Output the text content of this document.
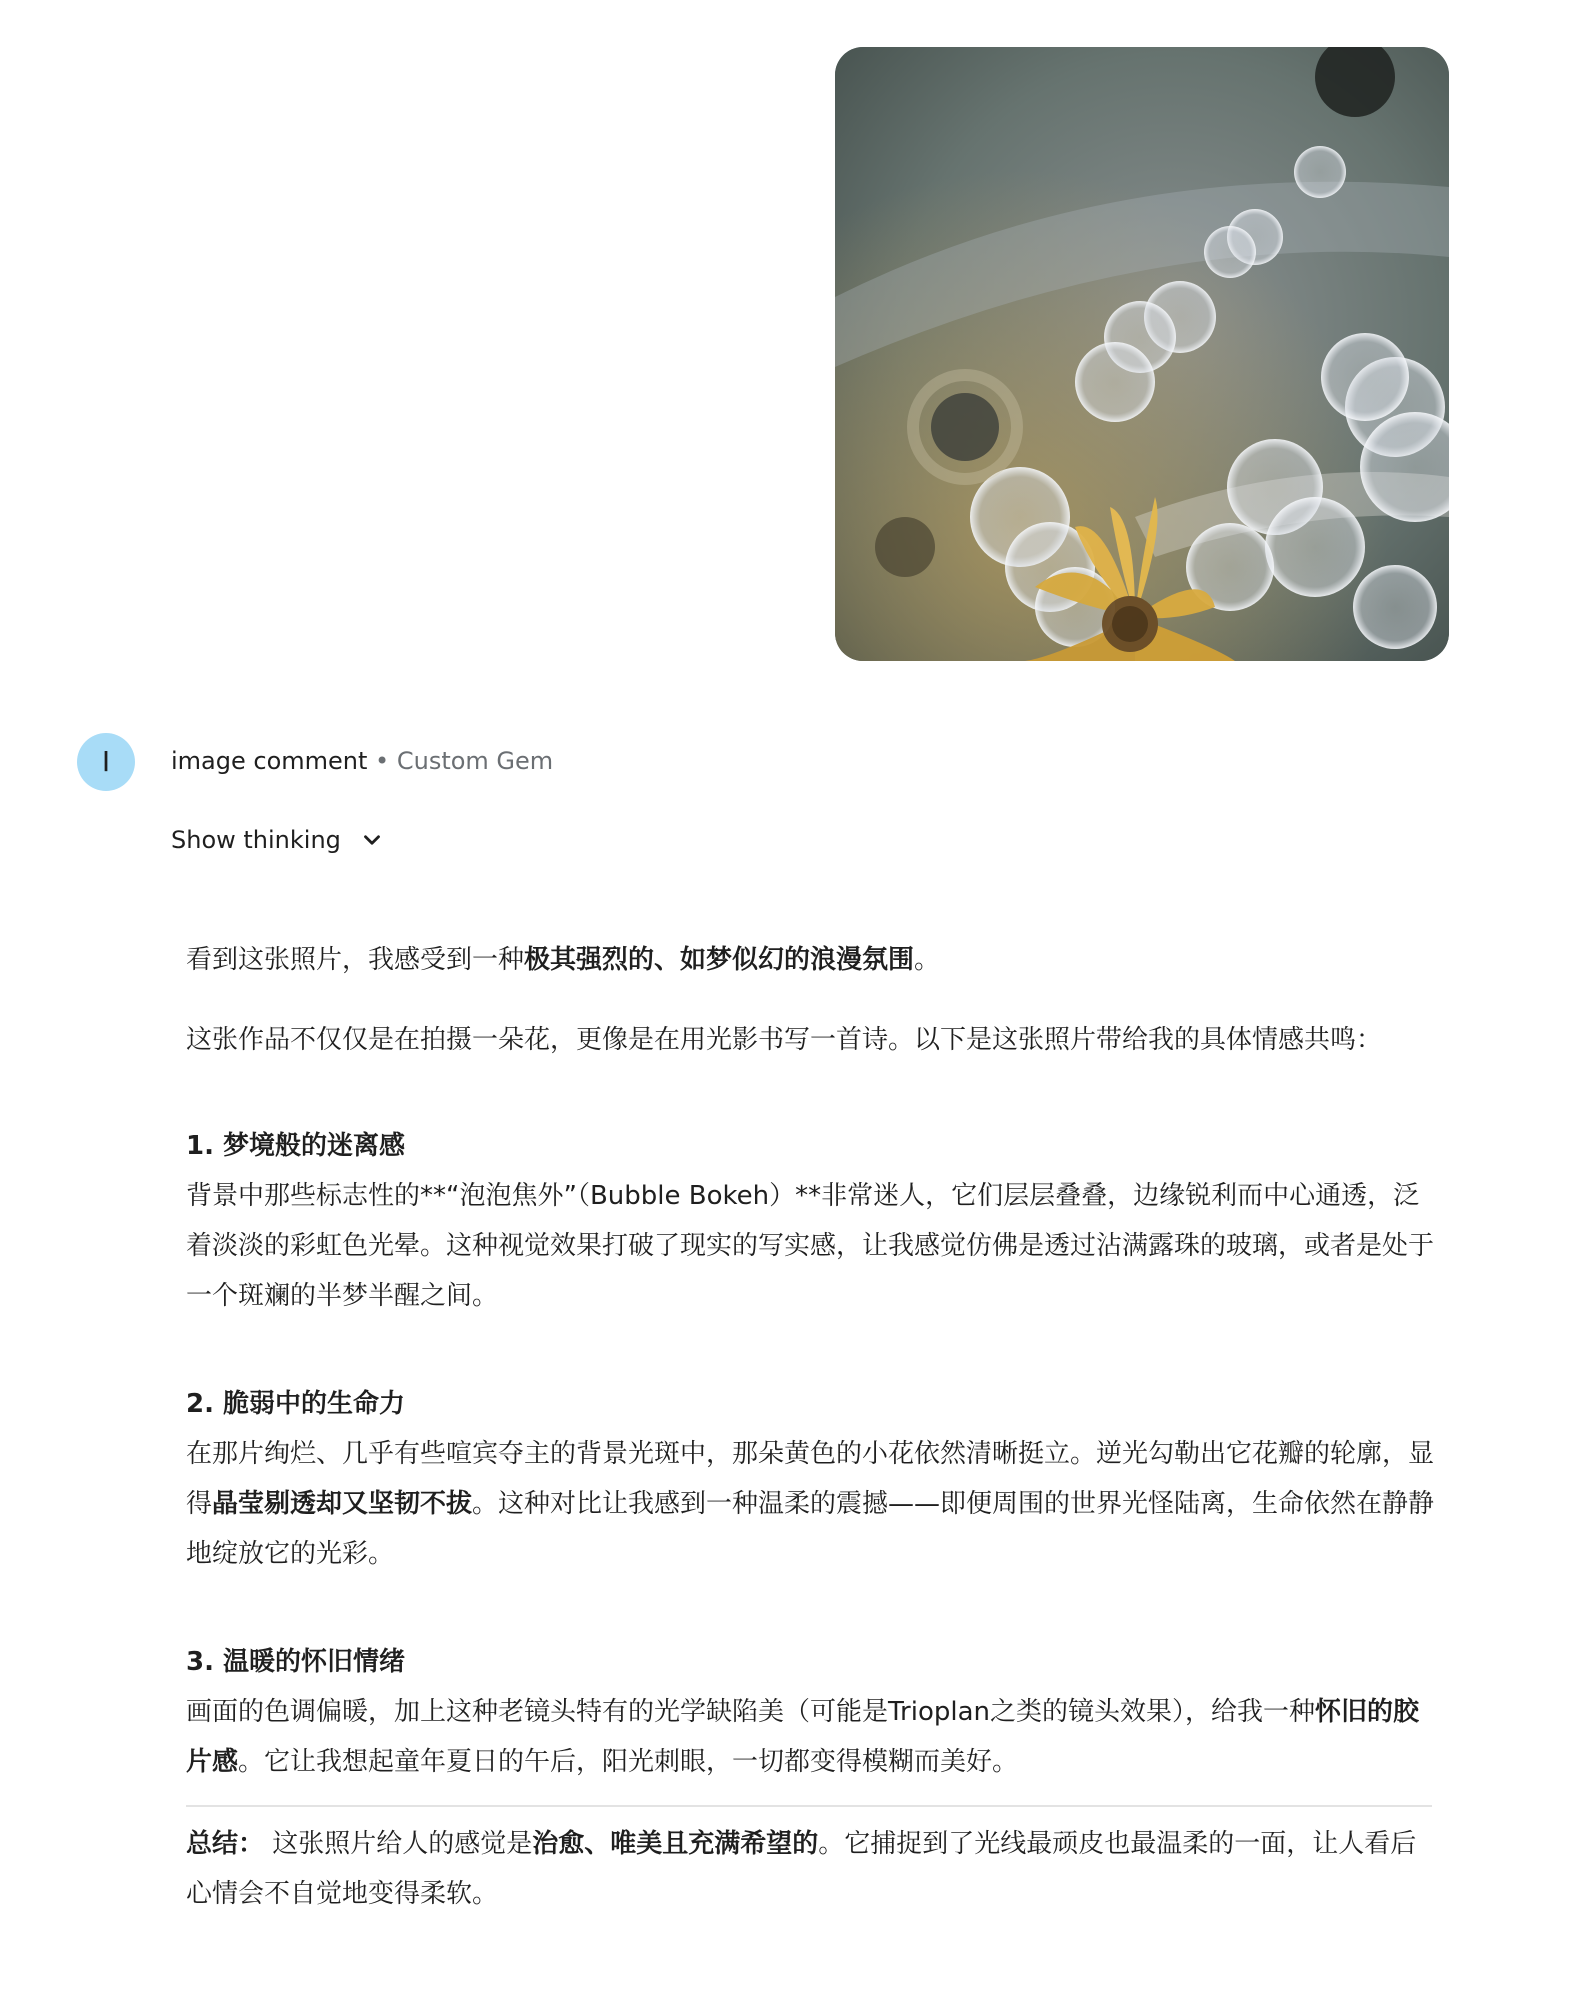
I	image comment • Custom Gem
Show thinking

看到这张照片，我感受到一种极其强烈的、如梦似幻的浪漫氛围。

这张作品不仅仅是在拍摄一朵花，更像是在用光影书写一首诗。以下是这张照片带给我的具体情感共鸣：

1. 梦境般的迷离感

背景中那些标志性的**“泡泡焦外”（Bubble Bokeh）**非常迷人，它们层层叠叠，边缘锐利而中心通透，泛着淡淡的彩虹色光晕。这种视觉效果打破了现实的写实感，让我感觉仿佛是透过沾满露珠的玻璃，或者是处于一个斑斓的半梦半醒之间。

2. 脆弱中的生命力

在那片绚烂、几乎有些喧宾夺主的背景光斑中，那朵黄色的小花依然清晰挺立。逆光勾勒出它花瓣的轮廓，显得晶莹剔透却又坚韧不拔。这种对比让我感到一种温柔的震撼——即便周围的世界光怪陆离，生命依然在静静地绽放它的光彩。

3. 温暖的怀旧情绪

画面的色调偏暖，加上这种老镜头特有的光学缺陷美（可能是Trioplan之类的镜头效果），给我一种怀旧的胶片感。它让我想起童年夏日的午后，阳光刺眼，一切都变得模糊而美好。

总结： 这张照片给人的感觉是治愈、唯美且充满希望的。它捕捉到了光线最顽皮也最温柔的一面，让人看后心情会不自觉地变得柔软。
